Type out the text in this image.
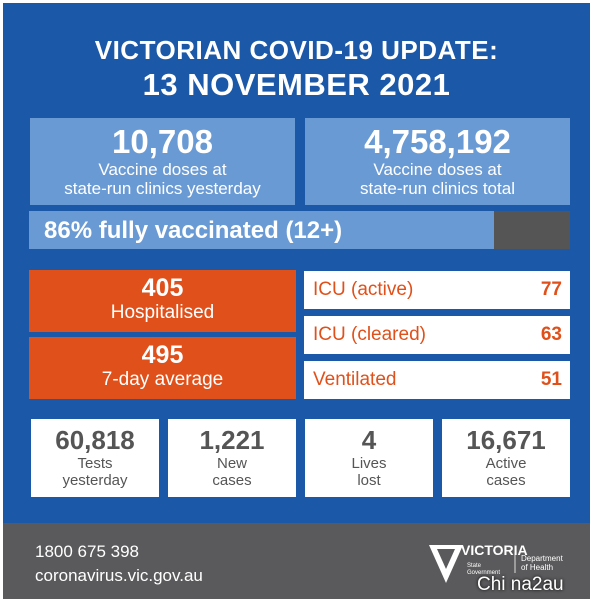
VICTORIAN COVID-19 UPDATE:
13 NOVEMBER 2021
10,708
Vaccine doses at
state-run clinics yesterday
4,758,192
Vaccine doses at
state-run clinics total
86% fully vaccinated (12+)
405
Hospitalised
495
7-day average
ICU (active)	77
ICU (cleared)	63
Ventilated	51
60,818
Tests
yesterday
1,221
New
cases
4
Lives
lost
16,671
Active
cases
1800 675 398
coronavirus.vic.gov.au
VICTORIA
State
Government
Department
of Health
Chi na2au
